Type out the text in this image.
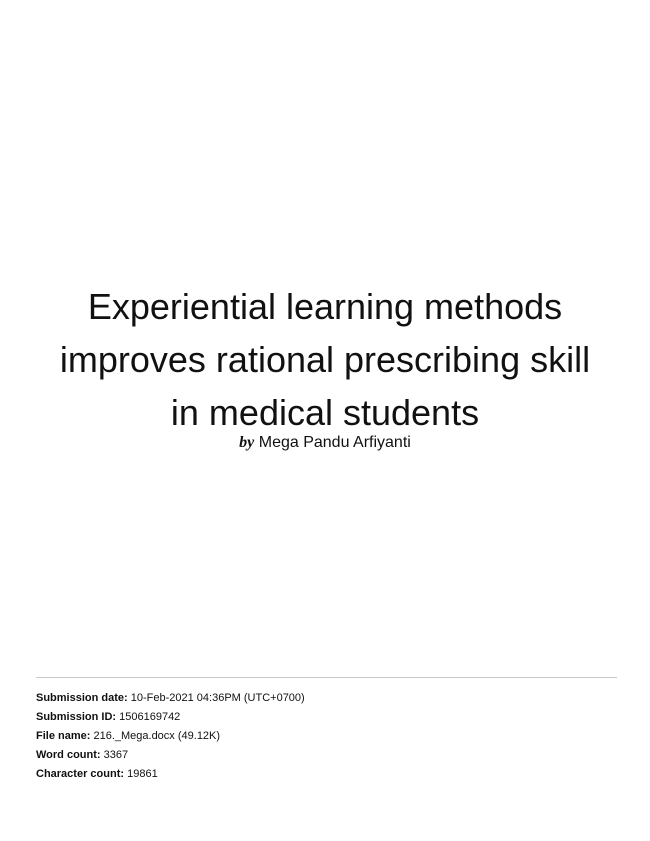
Experiential learning methods
improves rational prescribing skill
in medical students
by Mega Pandu Arfiyanti
Submission date: 10-Feb-2021 04:36PM (UTC+0700)
Submission ID: 1506169742
File name: 216._Mega.docx (49.12K)
Word count: 3367
Character count: 19861
